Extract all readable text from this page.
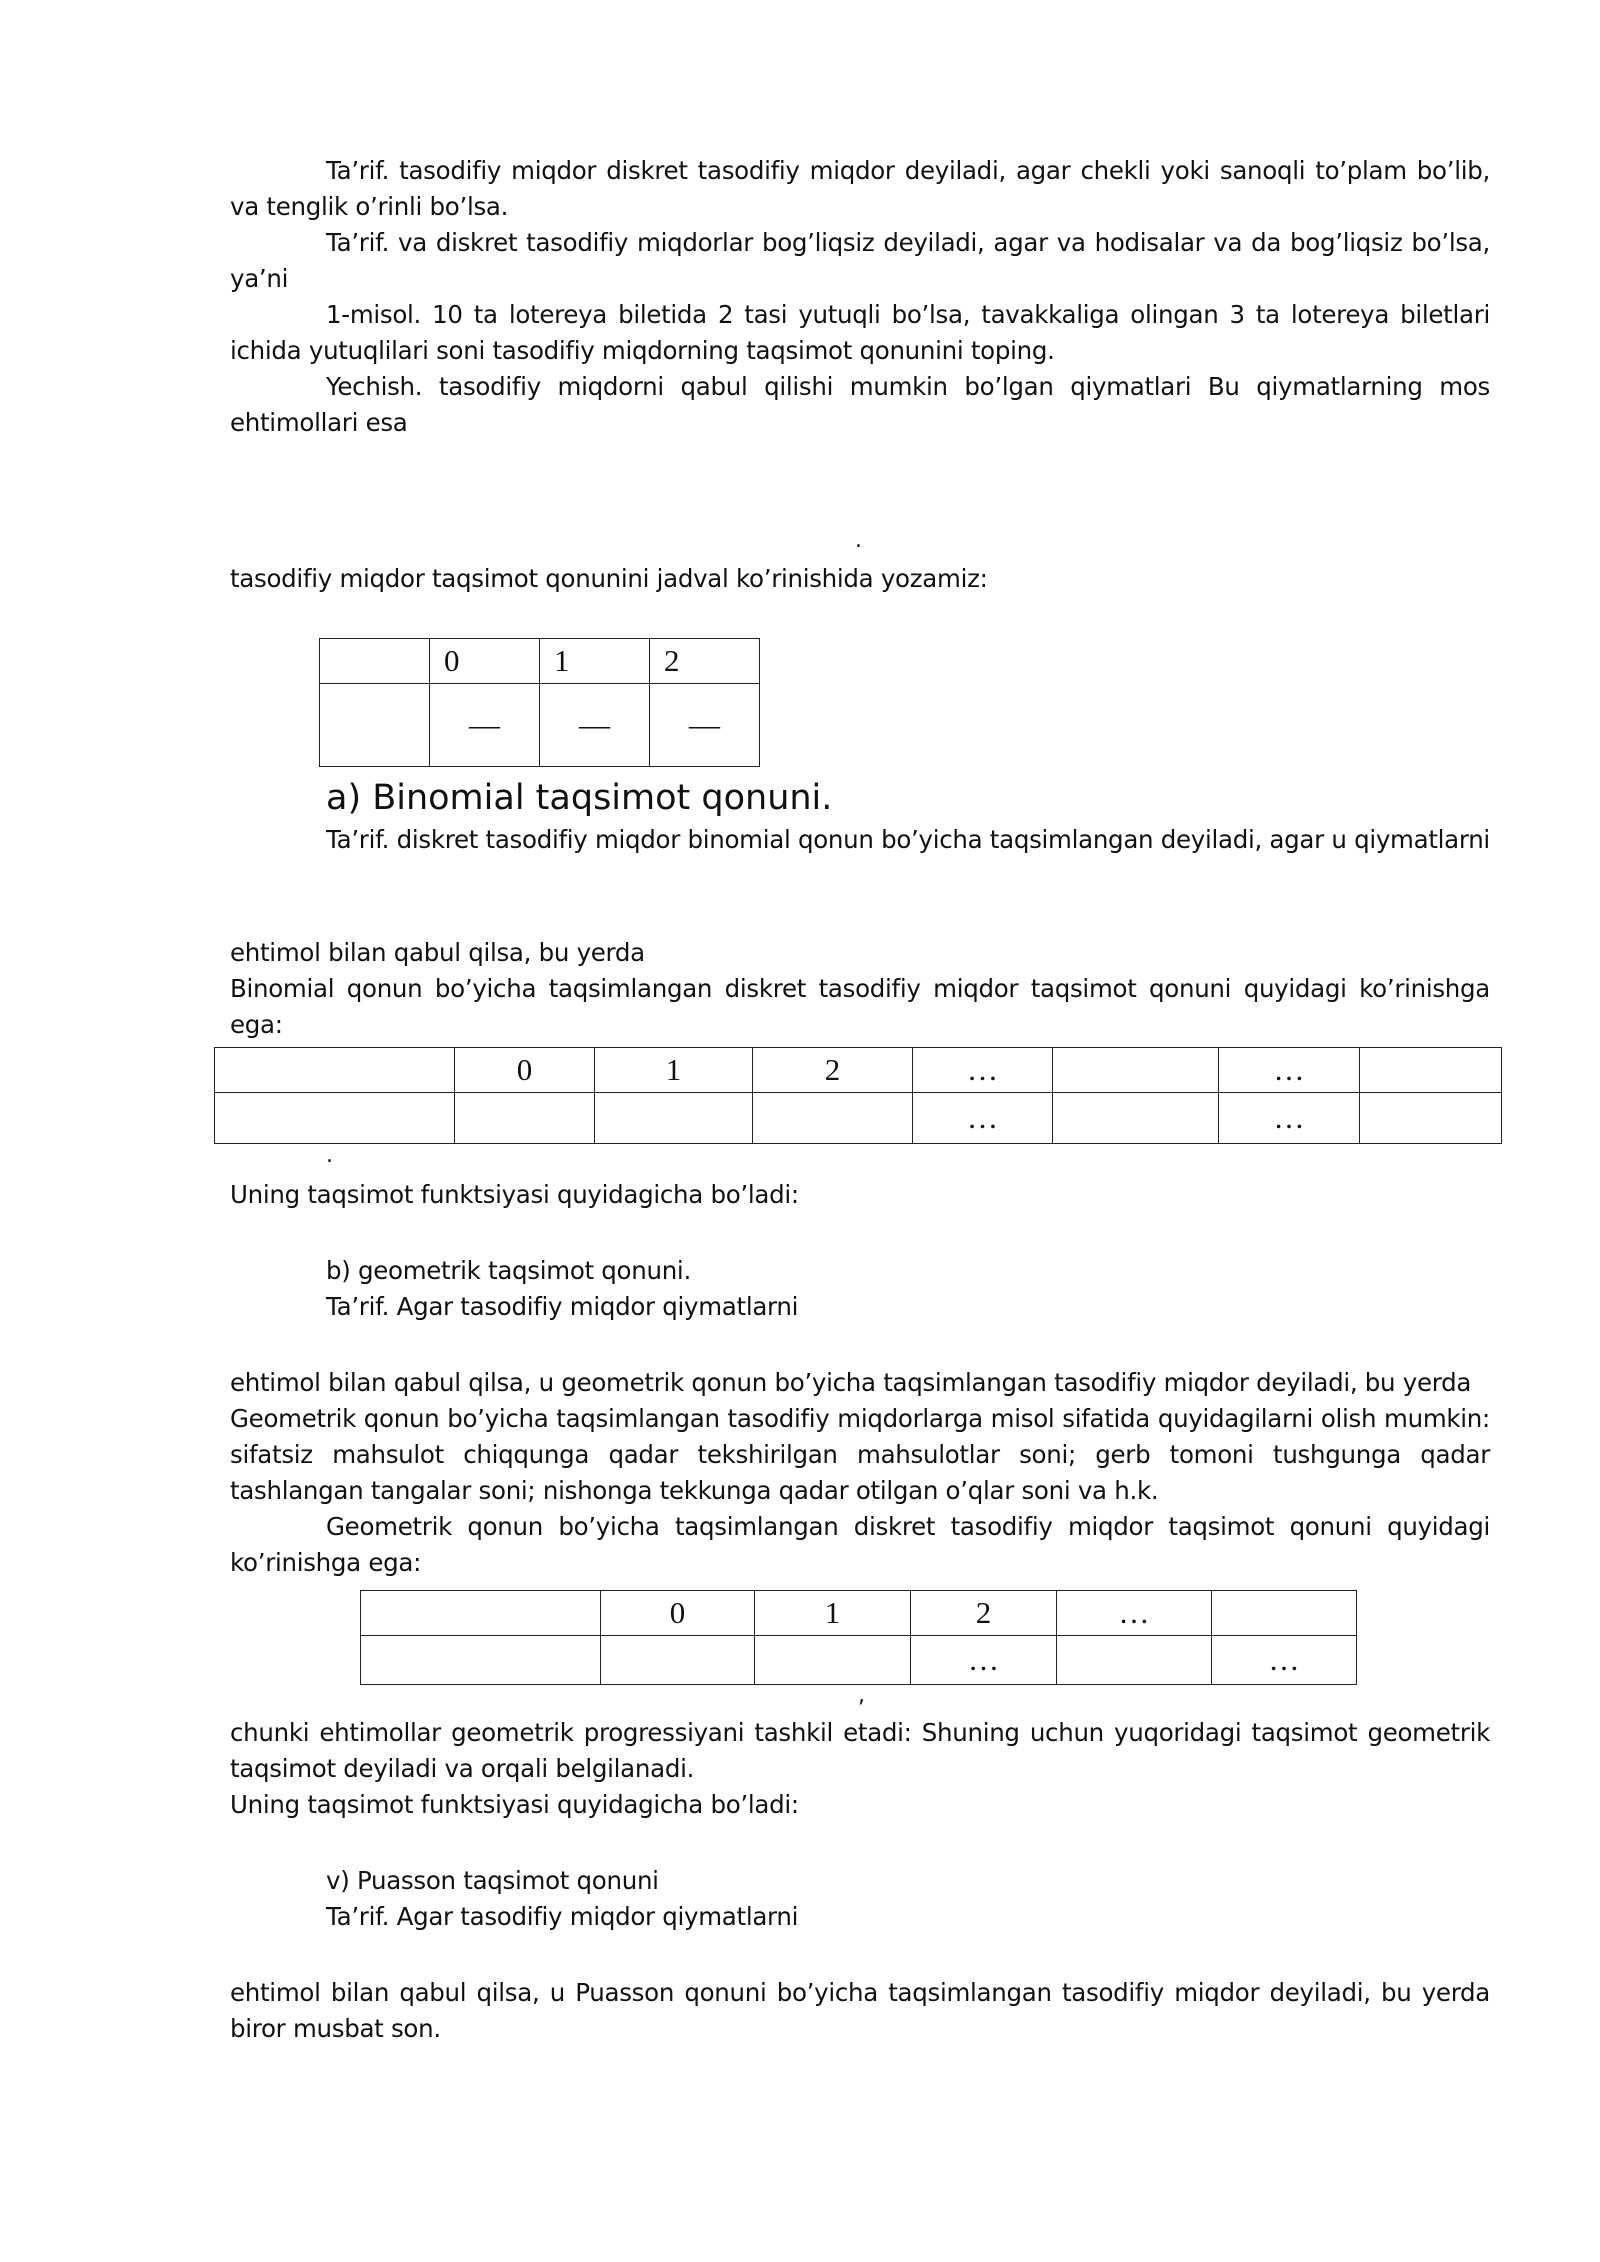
Ta’rif. tasodifiy miqdor diskret tasodifiy miqdor deyiladi, agar chekli yoki sanoqli to’plam bo’lib, va tenglik o’rinli bo’lsa.

Ta’rif. va diskret tasodifiy miqdorlar bog’liqsiz deyiladi, agar va hodisalar va da bog’liqsiz bo’lsa, ya’ni

1-misol. 10 ta lotereya biletida 2 tasi yutuqli bo’lsa, tavakkaliga olingan 3 ta lotereya biletlari ichida yutuqlilari soni tasodifiy miqdorning taqsimot qonunini toping.

Yechish. tasodifiy miqdorni qabul qilishi mumkin bo’lgan qiymatlari Bu qiymatlarning mos ehtimollari esa

.

tasodifiy miqdor taqsimot qonunini jadval ko’rinishida yozamiz:

	0	1	2
	—	—	—
a) Binomial taqsimot qonuni.

Ta’rif. diskret tasodifiy miqdor binomial qonun bo’yicha taqsimlangan deyiladi, agar u qiymatlarni

ehtimol bilan qabul qilsa, bu yerda

Binomial qonun bo’yicha taqsimlangan diskret tasodifiy miqdor taqsimot qonuni quyidagi ko’rinishga ega:

	0	1	2	…		…	
				…		…	
.

Uning taqsimot funktsiyasi quyidagicha bo’ladi:

b) geometrik taqsimot qonuni.

Ta’rif. Agar tasodifiy miqdor qiymatlarni

ehtimol bilan qabul qilsa, u geometrik qonun bo’yicha taqsimlangan tasodifiy miqdor deyiladi, bu yerda

Geometrik qonun bo’yicha taqsimlangan tasodifiy miqdorlarga misol sifatida quyidagilarni olish mumkin: sifatsiz mahsulot chiqqunga qadar tekshirilgan mahsulotlar soni; gerb tomoni tushgunga qadar tashlangan tangalar soni; nishonga tekkunga qadar otilgan o’qlar soni va h.k.

Geometrik qonun bo’yicha taqsimlangan diskret tasodifiy miqdor taqsimot qonuni quyidagi ko’rinishga ega:

	0	1	2	…	
			…		…
,

chunki ehtimollar geometrik progressiyani tashkil etadi: Shuning uchun yuqoridagi taqsimot geometrik taqsimot deyiladi va orqali belgilanadi.

Uning taqsimot funktsiyasi quyidagicha bo’ladi:

v) Puasson taqsimot qonuni

Ta’rif. Agar tasodifiy miqdor qiymatlarni

ehtimol bilan qabul qilsa, u Puasson qonuni bo’yicha taqsimlangan tasodifiy miqdor deyiladi, bu yerda biror musbat son.
